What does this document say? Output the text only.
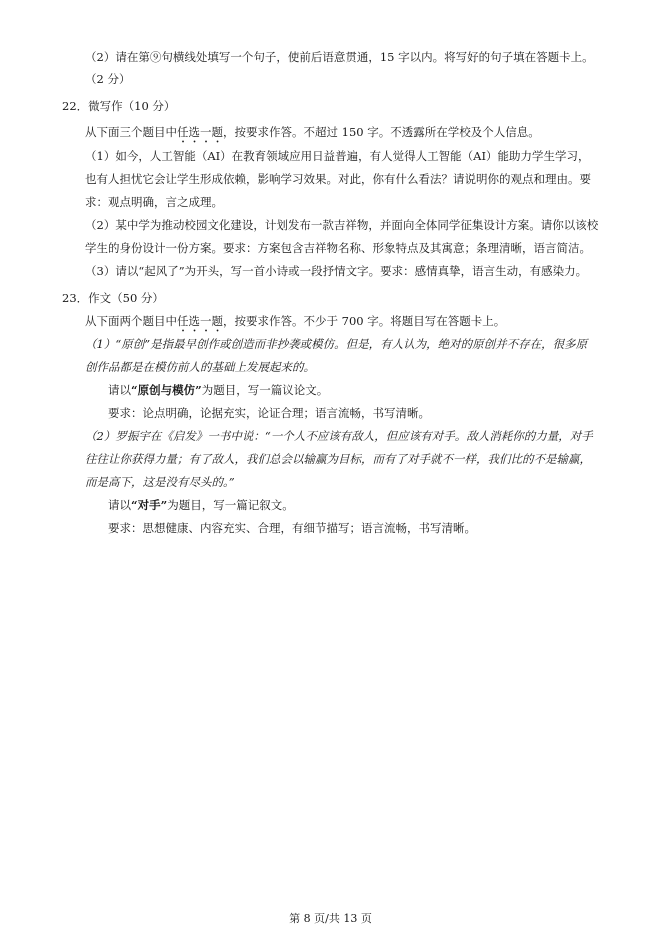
（2）请在第⑨句横线处填写一个句子，使前后语意贯通，15 字以内。将写好的句子填在答题卡上。
（2 分）
22．微写作（10 分）
从下面三个题目中任选一题，按要求作答。不超过 150 字。不透露所在学校及个人信息。
（1）如今，人工智能（AI）在教育领域应用日益普遍，有人觉得人工智能（AI）能助力学生学习，
也有人担忧它会让学生形成依赖，影响学习效果。对此，你有什么看法？请说明你的观点和理由。要
求：观点明确，言之成理。
（2）某中学为推动校园文化建设，计划发布一款吉祥物，并面向全体同学征集设计方案。请你以该校
学生的身份设计一份方案。要求：方案包含吉祥物名称、形象特点及其寓意；条理清晰，语言简洁。
（3）请以“起风了”为开头，写一首小诗或一段抒情文字。要求：感情真挚，语言生动，有感染力。
23．作文（50 分）
从下面两个题目中任选一题，按要求作答。不少于 700 字。将题目写在答题卡上。
（1）“原创”是指最早创作或创造而非抄袭或模仿。但是，有人认为，绝对的原创并不存在，很多原
创作品都是在模仿前人的基础上发展起来的。
请以“原创与模仿”为题目，写一篇议论文。
要求：论点明确，论据充实，论证合理；语言流畅，书写清晰。
（2）罗振宇在《启发》一书中说：“一个人不应该有敌人，但应该有对手。敌人消耗你的力量，对手
往往让你获得力量；有了敌人，我们总会以输赢为目标，而有了对手就不一样，我们比的不是输赢，
而是高下，这是没有尽头的。”
请以“对手”为题目，写一篇记叙文。
要求：思想健康、内容充实、合理，有细节描写；语言流畅，书写清晰。
第 8 页/共 13 页
